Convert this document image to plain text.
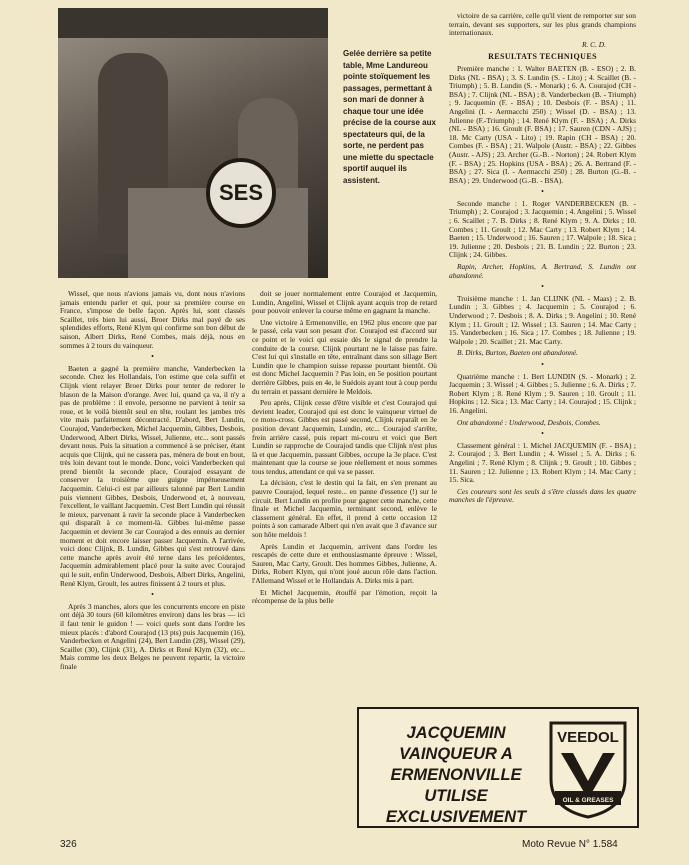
SES
Gelée derrière sa petite table, Mme Landureou pointe stoïquement les passages, permettant à son mari de donner à chaque tour une idée précise de la course aux spectateurs qui, de la sorte, ne perdent pas une miette du spectacle sportif auquel ils assistent.

Wissel, que nous n'avions jamais vu, dont nous n'avions jamais entendu parler et qui, pour sa première course en France, s'impose de belle façon. Après lui, sont classés Scaillet, très bien lui aussi, Broer Dirks mal payé de ses splendides efforts, René Klym qui confirme son bon début de saison, Albert Dirks, René Combes, mais déjà, nous en sommes à 2 tours du vainqueur.

•

Baeten a gagné la première manche, Vanderbecken la seconde. Chez les Hollandais, l'on estime que cela suffit et Clijnk vient relayer Broer Dirks pour tenter de redorer le blason de la Maison d'orange. Avec lui, quand ça va, il n'y a pas de problème : il envole, personne ne parvient à tenir sa roue, et le voilà bientôt seul en tête, roulant les jambes très vite mais parfaitement décontracté. D'abord, Bert Lundin, Courajod, Vanderbecken, Michel Jacquemin, Gibbes, Desbois, Underwood, Albert Dirks, Wissel, Julienne, etc... sont passés devant nous. Puis la situation a commencé à se préciser, étant acquis que Clijnk, qui ne cassera pas, mènera de bout en bout, très loin devant tout le monde. Donc, voici Vanderbecken qui prend bientôt la seconde place, Courajod essayant de conserver la troisième que guigne impétueusement Jacquemin. Celui-ci est par ailleurs talonné par Bert Lundin puis viennent Gibbes, Desbois, Underwood et, à nouveau, l'excellent, le vaillant Jacquemin. C'est Bert Lundin qui réussit le mieux, parvenant à ravir la seconde place à Vanderbecken qui disparaît à ce moment-là. Gibbes lui-même passe Jacquemin et devient 3e car Courajod a des ennuis au dernier moment et doit encore laisser passer Jacquemin. A l'arrivée, voici donc Clijnk, B. Lundin, Gibbes qui s'est retrouvé dans cette manche après avoir été terne dans les précédentes, Jacquemin admirablement placé pour la suite avec Courajod qui le suit, enfin Underwood, Desbois, Albert Dirks, Angelini, René Klym, Groult, les autres finissent à 2 tours et plus.

•

Après 3 manches, alors que les concurrents encore en piste ont déjà 30 tours (60 kilomètres environ) dans les bras — ici il faut tenir le guidon ! — voici quels sont dans l'ordre les mieux placés : d'abord Courajod (13 pts) puis Jacquemin (16), Vanderbecken et Angelini (24), Bert Lundin (28), Wissel (29), Scaillet (30), Clijnk (31), A. Dirks et René Klym (32), etc... Mais comme les deux Belges ne peuvent repartir, la victoire finale

doit se jouer normalement entre Courajod et Jacquemin, Lundin, Angelini, Wissel et Clijnk ayant acquis trop de retard pour pouvoir enlever la course même en gagnant la manche.

Une victoire à Ermenonville, en 1962 plus encore que par le passé, cela vaut son pesant d'or. Courajod est d'accord sur ce point et le voici qui essaie dès le signal de prendre la conduite de la course. Clijnk pourtant ne le laisse pas faire. C'est lui qui s'installe en tête, entraînant dans son sillage Bert Lundin que le champion suisse repasse pourtant bientôt. Où est donc Michel Jacquemin ? Pas loin, en 5e position pourtant derrière Gibbes, puis en 4e, le Suédois ayant tout à coup perdu du terrain et passant dernière le Meldois.

Peu après, Clijnk cesse d'être visible et c'est Courajod qui devient leader, Courajod qui est donc le vainqueur virtuel de ce moto-cross. Gibbes est passé second, Clijnk reparaît en 3e position devant Jacquemin, Lundin, etc... Courajod s'arrête, frein arrière cassé, puis repart mi-couru et voici que Bert Lundin se rapproche de Courajod tandis que Clijnk n'est plus là et que Jacquemin, passant Gibbes, occupe la 3e place. C'est maintenant que la course se joue réellement et nous sommes tous tendus, attendant ce qui va se passer.

La décision, c'est le destin qui la fait, en s'en prenant au pauvre Courajod, lequel reste... en panne d'essence (!) sur le circuit. Bert Lundin en profite pour gagner cette manche, cette finale et Michel Jacquemin, terminant second, enlève le classement général. En effet, il prend à cette occasion 12 points à son camarade Albert qui n'en avait que 3 d'avance sur son hôte meldois !

Après Lundin et Jacquemin, arrivent dans l'ordre les rescapés de cette dure et enthousiasmante épreuve : Wissel, Sauren, Mac Carty, Groult. Des hommes Gibbes, Julienne, A. Dirks, Robert Klym, qui n'ont joué aucun rôle dans l'action. l'Allemand Wissel et le Hollandais A. Dirks mis à part.

Et Michel Jacquemin, étouffé par l'émotion, reçoit la récompense de la plus belle

victoire de sa carrière, celle qu'il vient de remporter sur son terrain, devant ses supporters, sur les plus grands champions internationaux.

R. C. D.
RESULTATS TECHNIQUES

Première manche : 1. Walter BAETEN (B. - ESO) ; 2. B. Dirks (NL - BSA) ; 3. S. Lundin (S. - Lito) ; 4. Scaillet (B. - Triumph) ; 5. B. Lundin (S. - Monark) ; 6. A. Courajod (CH - BSA) ; 7. Clijnk (NL - BSA) ; 8. Vanderbecken (B. - Triumph) ; 9. Jacquemin (F. - BSA) ; 10. Desbois (F. - BSA) ; 11. Angelini (I. - Aermacchi 250) ; Wissel (D. - BSA) ; 13. Julienne (F.-Triumph) ; 14. René Klym (F. - BSA) ; A. Dirks (NL - BSA) ; 16. Groult (F. BSA) ; 17. Sauren (CDN - AJS) ; 18. Mc Carty (USA - Lito) ; 19. Rapin (CH - BSA) ; 20. Combes (F. - BSA) ; 21. Walpole (Austr. - BSA) ; 22. Gibbes (Austr. - AJS) ; 23. Archer (G.-B. - Norton) ; 24. Robert Klym (F. - BSA) ; 25. Hopkins (USA - BSA) ; 26. A. Bertrand (F. - BSA) ; 27. Sica (I. - Aermacchi 250) ; 28. Burton (G.-B. - BSA) ; 29. Underwood (G.-B. - BSA).

•

Seconde manche : 1. Roger VANDERBECKEN (B. - Triumph) ; 2. Courajod ; 3. Jacquemin ; 4. Angelini ; 5. Wissel ; 6. Scaillet ; 7. B. Dirks ; 8. René Klym ; 9. A. Dirks ; 10. Combes ; 11. Groult ; 12. Mac Carty ; 13. Robert Klym ; 14. Baeten ; 15. Underwood ; 16. Sauren ; 17. Walpole ; 18. Sica ; 19. Julienne ; 20. Desbois ; 21. B. Lundin ; 22. Burton ; 23. Clijnk ; 24. Gibbes.

Rapin, Archer, Hopkins, A. Bertrand, S. Lundin ont abandonné.

•

Troisième manche : 1. Jan CLIJNK (NL - Maas) ; 2. B. Lundin ; 3. Gibbes ; 4. Jacquemin ; 5. Courajod ; 6. Underwood ; 7. Desbois ; 8. A. Dirks ; 9. Angelini ; 10. René Klym ; 11. Groult ; 12. Wissel ; 13. Sauren ; 14. Mac Carty ; 15. Vanderbecken ; 16. Sica ; 17. Combes ; 18. Julienne ; 19. Walpole ; 20. Scaillet ; 21. Mac Carty.

B. Dirks, Burton, Baeten ont abandonné.

•

Quatrième manche : 1. Bert LUNDIN (S. - Monark) ; 2. Jacquemin ; 3. Wissel ; 4. Gibbes ; 5. Julienne ; 6. A. Dirks ; 7. Robert Klym ; 8. René Klym ; 9. Sauren ; 10. Groult ; 11. Hopkins ; 12. Sica ; 13. Mac Carty ; 14. Courajod ; 15. Clijnk ; 16. Angelini.

Ont abandonné : Underwood, Desbois, Combes.

•

Classement général : 1. Michel JACQUEMIN (F. - BSA) ; 2. Courajod ; 3. Bert Lundin ; 4. Wissel ; 5. A. Dirks ; 6. Angelini ; 7. René Klym ; 8. Clijnk ; 9. Groult ; 10. Gibbes ; 11. Sauren ; 12. Julienne ; 13. Robert Klym ; 14. Mac Carty ; 15. Sica.

Ces coureurs sont les seuls à s'être classés dans les quatre manches de l'épreuve.

JACQUEMIN
VAINQUEUR A
ERMENONVILLE
UTILISE
EXCLUSIVEMENT
VEEDOL
OIL & GREASES
326	Moto Revue N° 1.584
